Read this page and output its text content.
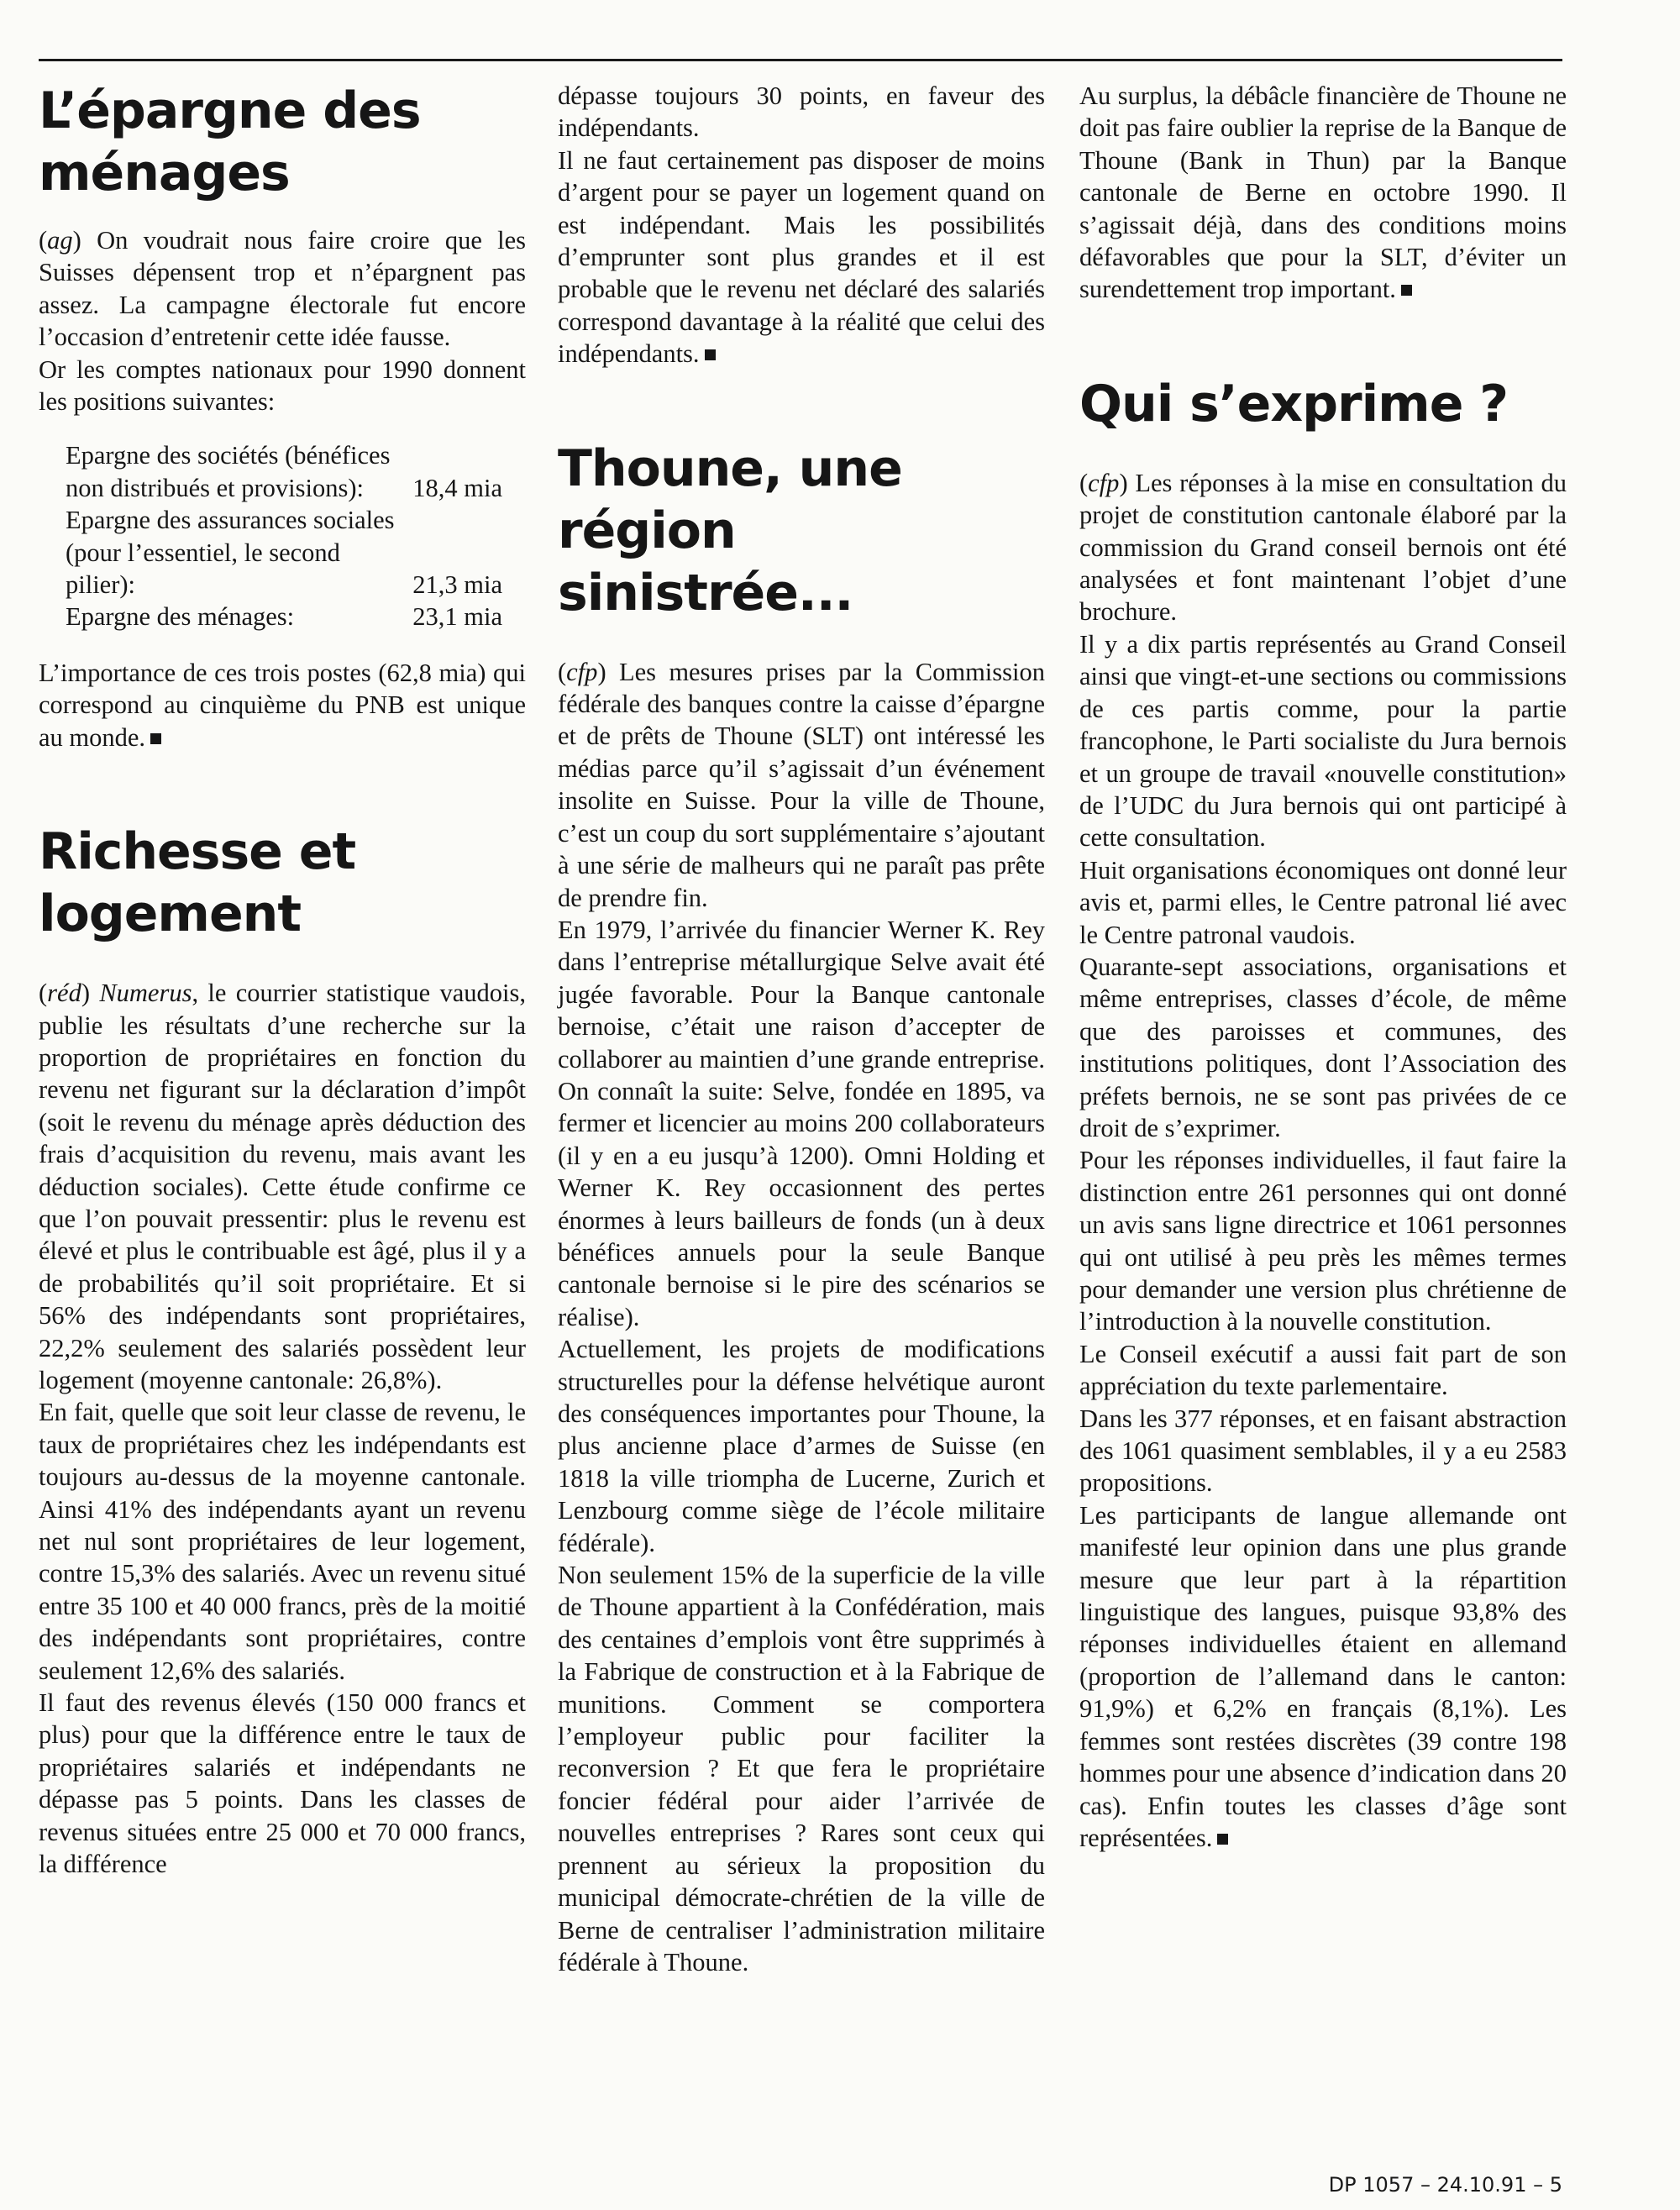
L’épargne des ménages

(ag) On voudrait nous faire croire que les Suisses dépensent trop et n’épargnent pas assez. La campagne électorale fut encore l’occasion d’entretenir cette idée fausse.

Or les comptes nationaux pour 1990 donnent les positions suivantes:

Epargne des sociétés (bénéfices non distribués et provisions):	18,4 mia
Epargne des assurances sociales (pour l’essentiel, le second pilier):	21,3 mia
Epargne des ménages:	23,1 mia

L’importance de ces trois postes (62,8 mia) qui correspond au cinquième du PNB est unique au monde.

Richesse et logement

(réd) Numerus, le courrier statistique vaudois, publie les résultats d’une recherche sur la proportion de propriétaires en fonction du revenu net figurant sur la déclaration d’impôt (soit le revenu du ménage après déduction des frais d’acquisition du revenu, mais avant les déduction sociales). Cette étude confirme ce que l’on pouvait pressentir: plus le revenu est élevé et plus le contribuable est âgé, plus il y a de probabilités qu’il soit propriétaire. Et si 56% des indépendants sont propriétaires, 22,2% seulement des salariés possèdent leur logement (moyenne cantonale: 26,8%).

En fait, quelle que soit leur classe de revenu, le taux de propriétaires chez les indépendants est toujours au-dessus de la moyenne cantonale. Ainsi 41% des indépendants ayant un revenu net nul sont propriétaires de leur logement, contre 15,3% des salariés. Avec un revenu situé entre 35 100 et 40 000 francs, près de la moitié des indépendants sont propriétaires, contre seulement 12,6% des salariés.

Il faut des revenus élevés (150 000 francs et plus) pour que la différence entre le taux de propriétaires salariés et indépendants ne dépasse pas 5 points. Dans les classes de revenus situées entre 25 000 et 70 000 francs, la différence

dépasse toujours 30 points, en faveur des indépendants.

Il ne faut certainement pas disposer de moins d’argent pour se payer un logement quand on est indépendant. Mais les possibilités d’emprunter sont plus grandes et il est probable que le revenu net déclaré des salariés correspond davantage à la réalité que celui des indépendants.

Thoune, une région sinistrée...

(cfp) Les mesures prises par la Commission fédérale des banques contre la caisse d’épargne et de prêts de Thoune (SLT) ont intéressé les médias parce qu’il s’agissait d’un événement insolite en Suisse. Pour la ville de Thoune, c’est un coup du sort supplémentaire s’ajoutant à une série de malheurs qui ne paraît pas prête de prendre fin.

En 1979, l’arrivée du financier Werner K. Rey dans l’entreprise métallurgique Selve avait été jugée favorable. Pour la Banque cantonale bernoise, c’était une raison d’accepter de collaborer au maintien d’une grande entreprise. On connaît la suite: Selve, fondée en 1895, va fermer et licencier au moins 200 collaborateurs (il y en a eu jusqu’à 1200). Omni Holding et Werner K. Rey occasionnent des pertes énormes à leurs bailleurs de fonds (un à deux bénéfices annuels pour la seule Banque cantonale bernoise si le pire des scénarios se réalise).

Actuellement, les projets de modifications structurelles pour la défense helvétique auront des conséquences importantes pour Thoune, la plus ancienne place d’armes de Suisse (en 1818 la ville triompha de Lucerne, Zurich et Lenzbourg comme siège de l’école militaire fédérale).

Non seulement 15% de la superficie de la ville de Thoune appartient à la Confédération, mais des centaines d’emplois vont être supprimés à la Fabrique de construction et à la Fabrique de munitions. Comment se comportera l’employeur public pour faciliter la reconversion ? Et que fera le propriétaire foncier fédéral pour aider l’arrivée de nouvelles entreprises ? Rares sont ceux qui prennent au sérieux la proposition du municipal démocrate-chrétien de la ville de Berne de centraliser l’administration militaire fédérale à Thoune.

Au surplus, la débâcle financière de Thoune ne doit pas faire oublier la reprise de la Banque de Thoune (Bank in Thun) par la Banque cantonale de Berne en octobre 1990. Il s’agissait déjà, dans des conditions moins défavorables que pour la SLT, d’éviter un surendettement trop important.

Qui s’exprime ?

(cfp) Les réponses à la mise en consultation du projet de constitution cantonale élaboré par la commission du Grand conseil bernois ont été analysées et font maintenant l’objet d’une brochure.

Il y a dix partis représentés au Grand Conseil ainsi que vingt-et-une sections ou commissions de ces partis comme, pour la partie francophone, le Parti socialiste du Jura bernois et un groupe de travail «nouvelle constitution» de l’UDC du Jura bernois qui ont participé à cette consultation.

Huit organisations économiques ont donné leur avis et, parmi elles, le Centre patronal lié avec le Centre patronal vaudois.

Quarante-sept associations, organisations et même entreprises, classes d’école, de même que des paroisses et communes, des institutions politiques, dont l’Association des préfets bernois, ne se sont pas privées de ce droit de s’exprimer.

Pour les réponses individuelles, il faut faire la distinction entre 261 personnes qui ont donné un avis sans ligne directrice et 1061 personnes qui ont utilisé à peu près les mêmes termes pour demander une version plus chrétienne de l’introduction à la nouvelle constitution.

Le Conseil exécutif a aussi fait part de son appréciation du texte parlementaire.

Dans les 377 réponses, et en faisant abstraction des 1061 quasiment semblables, il y a eu 2583 propositions.

Les participants de langue allemande ont manifesté leur opinion dans une plus grande mesure que leur part à la répartition linguistique des langues, puisque 93,8% des réponses individuelles étaient en allemand (proportion de l’allemand dans le canton: 91,9%) et 6,2% en français (8,1%). Les femmes sont restées discrètes (39 contre 198 hommes pour une absence d’indication dans 20 cas). Enfin toutes les classes d’âge sont représentées.

DP 1057 – 24.10.91 – 5
